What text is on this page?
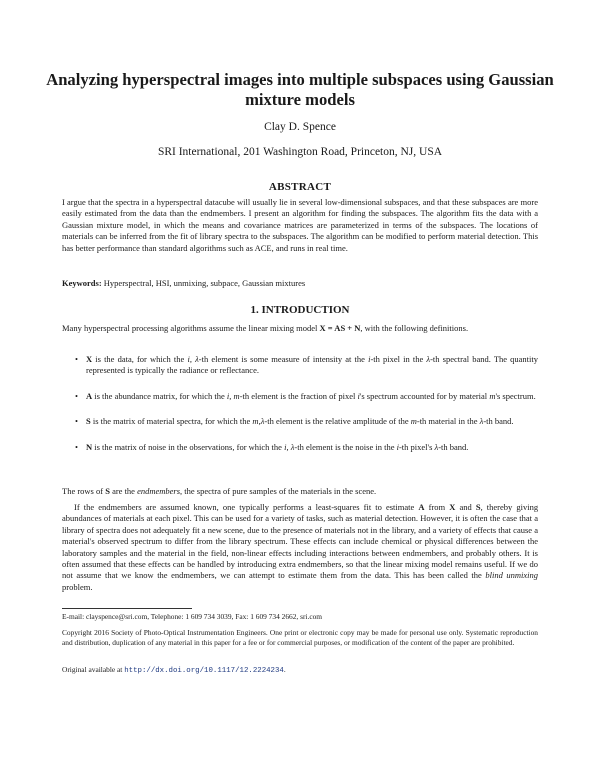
Analyzing hyperspectral images into multiple subspaces using Gaussian mixture models
Clay D. Spence
SRI International, 201 Washington Road, Princeton, NJ, USA
ABSTRACT

I argue that the spectra in a hyperspectral datacube will usually lie in several low-dimensional subspaces, and that these subspaces are more easily estimated from the data than the endmembers. I present an algorithm for finding the subspaces. The algorithm fits the data with a Gaussian mixture model, in which the means and covariance matrices are parameterized in terms of the subspaces. The locations of materials can be inferred from the fit of library spectra to the subspaces. The algorithm can be modified to perform material detection. This has better performance than standard algorithms such as ACE, and runs in real time.

Keywords: Hyperspectral, HSI, unmixing, subpace, Gaussian mixtures

1. INTRODUCTION

Many hyperspectral processing algorithms assume the linear mixing model X = AS + N, with the following definitions.

• X is the data, for which the i, λ-th element is some measure of intensity at the i-th pixel in the λ-th spectral band. The quantity represented is typically the radiance or reflectance.
• A is the abundance matrix, for which the i, m-th element is the fraction of pixel i's spectrum accounted for by material m's spectrum.
• S is the matrix of material spectra, for which the m,λ-th element is the relative amplitude of the m-th material in the λ-th band.
• N is the matrix of noise in the observations, for which the i, λ-th element is the noise in the i-th pixel's λ-th band.

The rows of S are the endmembers, the spectra of pure samples of the materials in the scene.

If the endmembers are assumed known, one typically performs a least-squares fit to estimate A from X and S, thereby giving abundances of materials at each pixel. This can be used for a variety of tasks, such as material detection. However, it is often the case that a library of spectra does not adequately fit a new scene, due to the presence of materials not in the library, and a variety of effects that cause a material's observed spectrum to differ from the library spectrum. These effects can include chemical or physical differences between the laboratory samples and the material in the field, non-linear effects including interactions between endmembers, and probably others. It is often assumed that these effects can be handled by introducing extra endmembers, so that the linear mixing model remains useful. If we do not assume that we know the endmembers, we can attempt to estimate them from the data. This has been called the blind unmixing problem.

E-mail: clayspence@sri.com, Telephone: 1 609 734 3039, Fax: 1 609 734 2662, sri.com

Copyright 2016 Society of Photo-Optical Instrumentation Engineers. One print or electronic copy may be made for personal use only. Systematic reproduction and distribution, duplication of any material in this paper for a fee or for commercial purposes, or modification of the content of the paper are prohibited.

Original available at http://dx.doi.org/10.1117/12.2224234.
